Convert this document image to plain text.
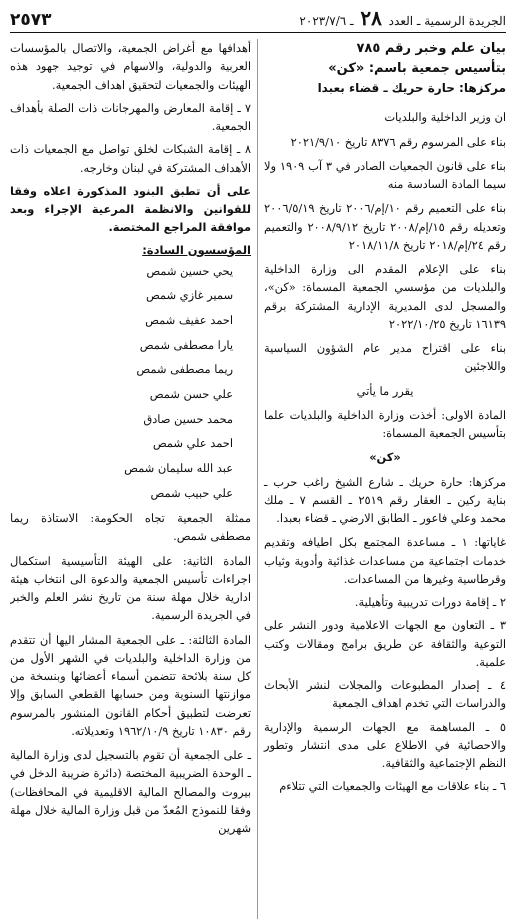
الجريدة الرسمية ـ العدد ٢٨ ـ ٢٠٢٣/٧/٦
٢٥٧٣

بيان علم وخبر رقم ٧٨٥

بتأسيس جمعية باسم: «كن»

مركزها: حارة حريك ـ قضاء بعبدا

ان وزير الداخلية والبلديات

بناء على المرسوم رقم ٨٣٧٦ تاريخ ٢٠٢١/٩/١٠

بناء على قانون الجمعيات الصادر في ٣ آب ١٩٠٩ ولا سيما المادة السادسة منه

بناء على التعميم رقم ١٠/إم/٢٠٠٦ تاريخ ٢٠٠٦/٥/١٩ وتعديله رقم ١٥/إم/٢٠٠٨ تاريخ ٢٠٠٨/٩/١٢ والتعميم رقم ٢٤/إم/٢٠١٨ تاريخ ٢٠١٨/١١/٨

بناء على الإعلام المقدم الى وزارة الداخلية والبلديات من مؤسسي الجمعية المسماة: «كن»، والمسجل لدى المديرية الإدارية المشتركة برقم ١٦١٣٩ تاريخ ٢٠٢٢/١٠/٢٥

بناء على اقتراح مدير عام الشؤون السياسية واللاجئين

يقرر ما يأتي

المادة الاولى: أخذت وزارة الداخلية والبلديات علما بتأسيس الجمعية المسماة:

«كن»

مركزها: حارة حريك ـ شارع الشيخ راغب حرب ـ بناية ركين ـ العقار رقم ٢٥١٩ ـ القسم ٧ ـ ملك محمد وعلي فاعور ـ الطابق الارضي ـ قضاء بعبدا.

غاياتها: ١ ـ مساعدة المجتمع بكل اطيافه وتقديم خدمات اجتماعية من مساعدات غذائية وأدوية وثياب وقرطاسية وغيرها من المساعدات.

٢ ـ إقامة دورات تدريبية وتأهيلية.

٣ ـ التعاون مع الجهات الاعلامية ودور النشر على التوعية والثقافة عن طريق برامج ومقالات وكتب علمية.

٤ ـ إصدار المطبوعات والمجلات لنشر الأبحاث والدراسات التي تخدم اهداف الجمعية

٥ ـ المساهمة مع الجهات الرسمية والإدارية والاحصائية في الاطلاع على مدى انتشار وتطور النظم الإجتماعية والثقافية.

٦ ـ بناء علاقات مع الهيئات والجمعيات التي تتلاءم

أهدافها مع أغراض الجمعية، والاتصال بالمؤسسات العربية والدولية، والاسهام في توجيد جهود هذه الهيئات والجمعيات لتحقيق اهداف الجمعية.

٧ ـ إقامة المعارض والمهرجانات ذات الصلة بأهداف الجمعية.

٨ ـ إقامة الشبكات لخلق تواصل مع الجمعيات ذات الأهداف المشتركة في لبنان وخارجه.

على أن تطبق البنود المذكورة اعلاه وفقا للقوانين والانظمة المرعية الإجراء وبعد موافقة المراجع المختصة.

المؤسسون السادة:
يحي حسين شمص
سمير غازي شمص
احمد عفيف شمص
يارا مصطفى شمص
ريما مصطفى شمص
علي حسن شمص
محمد حسين صادق
احمد علي شمص
عبد الله سليمان شمص
علي حبيب شمص

ممثلة الجمعية تجاه الحكومة: الاستاذة ريما مصطفى شمص.

المادة الثانية: على الهيئة التأسيسية استكمال اجراءات تأسيس الجمعية والدعوة الى انتخاب هيئة ادارية خلال مهلة سنة من تاريخ نشر العلم والخبر في الجريدة الرسمية.

المادة الثالثة: ـ على الجمعية المشار اليها أن تتقدم من وزارة الداخلية والبلديات في الشهر الأول من كل سنة بلائحة تتضمن أسماء أعضائها وبنسخة من موازنتها السنوية ومن حسابها القطعي السابق وإلا تعرضت لتطبيق أحكام القانون المنشور بالمرسوم رقم ١٠٨٣٠ تاريخ ١٩٦٢/١٠/٩ وتعديلاته.

ـ على الجمعية أن تقوم بالتسجيل لدى وزارة المالية ـ الوحدة الضريبية المختصة (دائرة ضريبة الدخل في بيروت والمصالح المالية الاقليمية في المحافظات) وفقا للنموذج المُعدّ من قبل وزارة المالية خلال مهلة شهرين
